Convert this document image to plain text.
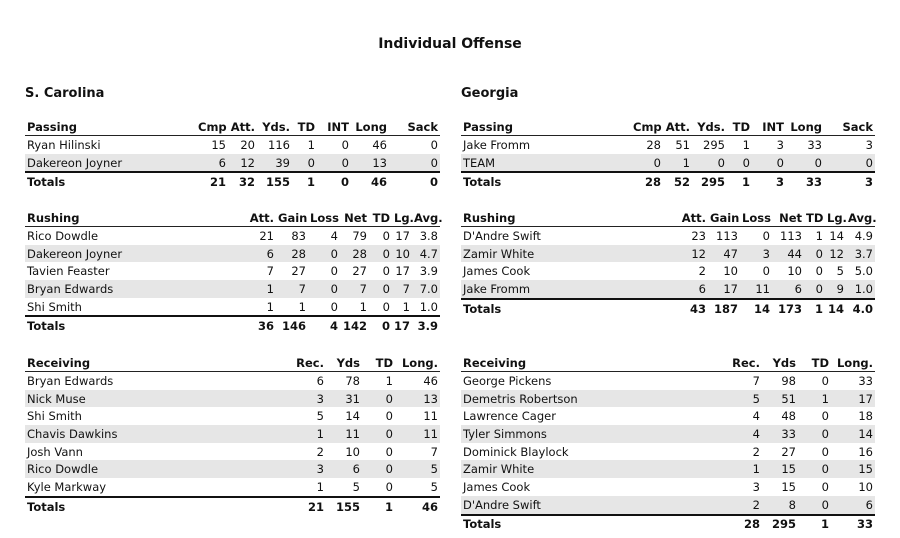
Individual Offense
S. Carolina	Georgia
Passing	Cmp	Att.	Yds.	TD	INT	Long	Sack
Ryan Hilinski	15	20	116	1	0	46	0
Dakereon Joyner	6	12	39	0	0	13	0
Totals	21	32	155	1	0	46	0
Passing	Cmp	Att.	Yds.	TD	INT	Long	Sack
Jake Fromm	28	51	295	1	3	33	3
TEAM	0	1	0	0	0	0	0
Totals	28	52	295	1	3	33	3
Rushing	Att.	Gain	Loss	Net	TD	Lg.	Avg.
Rico Dowdle	21	83	4	79	0	17	3.8
Dakereon Joyner	6	28	0	28	0	10	4.7
Tavien Feaster	7	27	0	27	0	17	3.9
Bryan Edwards	1	7	0	7	0	7	7.0
Shi Smith	1	1	0	1	0	1	1.0
Totals	36	146	4	142	0	17	3.9
Rushing	Att.	Gain	Loss	Net	TD	Lg.	Avg.
D'Andre Swift	23	113	0	113	1	14	4.9
Zamir White	12	47	3	44	0	12	3.7
James Cook	2	10	0	10	0	5	5.0
Jake Fromm	6	17	11	6	0	9	1.0
Totals	43	187	14	173	1	14	4.0
Receiving	Rec.	Yds	TD	Long.
Bryan Edwards	6	78	1	46
Nick Muse	3	31	0	13
Shi Smith	5	14	0	11
Chavis Dawkins	1	11	0	11
Josh Vann	2	10	0	7
Rico Dowdle	3	6	0	5
Kyle Markway	1	5	0	5
Totals	21	155	1	46
Receiving	Rec.	Yds	TD	Long.
George Pickens	7	98	0	33
Demetris Robertson	5	51	1	17
Lawrence Cager	4	48	0	18
Tyler Simmons	4	33	0	14
Dominick Blaylock	2	27	0	16
Zamir White	1	15	0	15
James Cook	3	15	0	10
D'Andre Swift	2	8	0	6
Totals	28	295	1	33
